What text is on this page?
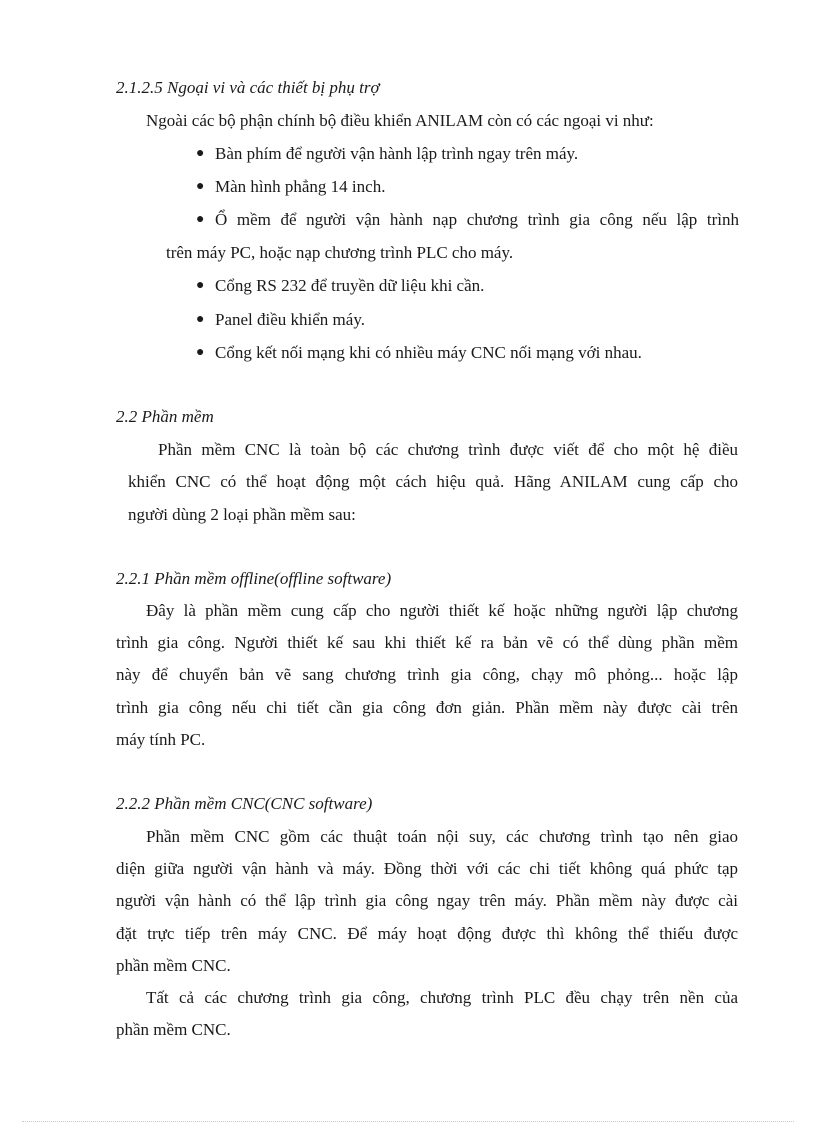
2.1.2.5 Ngoại vi và các thiết bị phụ trợ
Ngoài các bộ phận chính bộ điều khiển ANILAM còn có các ngoại vi như:
● Bàn phím để người vận hành lập trình ngay trên máy.
● Màn hình phẳng 14 inch.
● Ổ mềm để người vận hành nạp chương trình gia công nếu lập trình
trên máy PC, hoặc nạp chương trình PLC cho máy.
● Cổng RS 232 để truyền dữ liệu khi cần.
● Panel điều khiển máy.
● Cổng kết nối mạng khi có nhiều máy CNC nối mạng với nhau.
2.2 Phần mềm
Phần mềm CNC là toàn bộ các chương trình được viết để cho một hệ điều
khiển CNC có thể hoạt động một cách hiệu quả. Hãng ANILAM cung cấp cho
người dùng 2 loại phần mềm sau:
2.2.1 Phần mềm offline(offline software)
Đây là phần mềm cung cấp cho người thiết kế hoặc những người lập chương
trình gia công. Người thiết kế sau khi thiết kế ra bản vẽ có thể dùng phần mềm
này để chuyển bản vẽ sang chương trình gia công, chạy mô phỏng... hoặc lập
trình gia công nếu chi tiết cần gia công đơn giản. Phần mềm này được cài trên
máy tính PC.
2.2.2 Phần mềm CNC(CNC software)
Phần mềm CNC gồm các thuật toán nội suy, các chương trình tạo nên giao
diện giữa người vận hành và máy. Đồng thời với các chi tiết không quá phức tạp
người vận hành có thể lập trình gia công ngay trên máy. Phần mềm này được cài
đặt trực tiếp trên máy CNC. Để máy hoạt động được thì không thể thiếu được
phần mềm CNC.
Tất cả các chương trình gia công, chương trình PLC đều chạy trên nền của
phần mềm CNC.
